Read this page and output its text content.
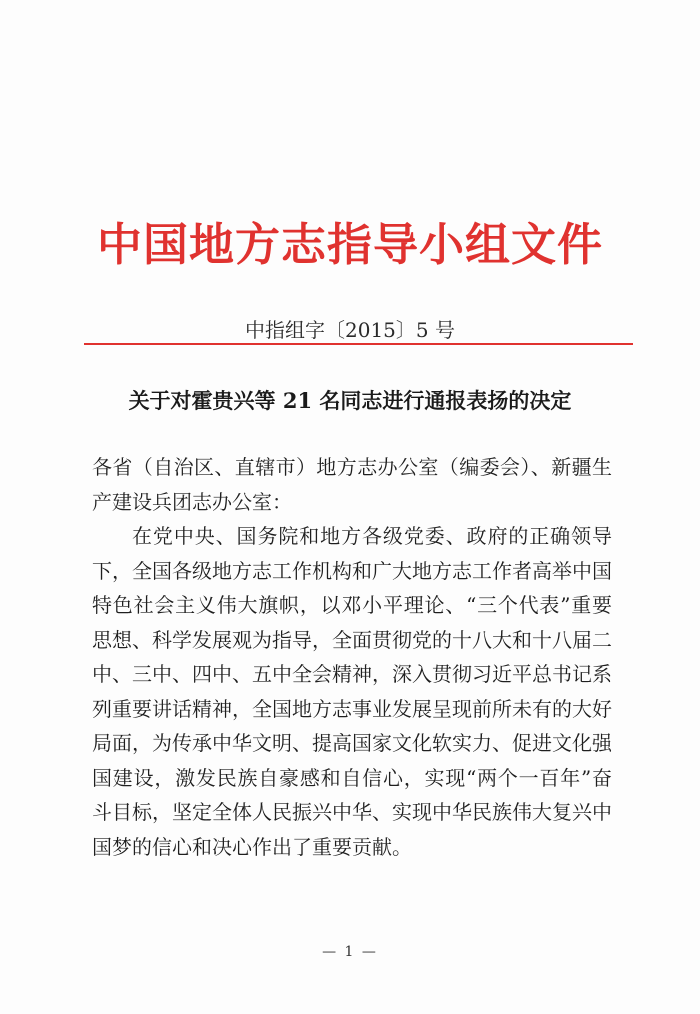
中国地方志指导小组文件
中指组字〔2015〕5 号
关于对霍贵兴等 21 名同志进行通报表扬的决定

各省（自治区、直辖市）地方志办公室（编委会）、新疆生产建设兵团志办公室：

在党中央、国务院和地方各级党委、政府的正确领导下，全国各级地方志工作机构和广大地方志工作者高举中国特色社会主义伟大旗帜，以邓小平理论、“三个代表”重要思想、科学发展观为指导，全面贯彻党的十八大和十八届二中、三中、四中、五中全会精神，深入贯彻习近平总书记系列重要讲话精神，全国地方志事业发展呈现前所未有的大好局面，为传承中华文明、提高国家文化软实力、促进文化强国建设，激发民族自豪感和自信心，实现“两个一百年”奋斗目标，坚定全体人民振兴中华、实现中华民族伟大复兴中国梦的信心和决心作出了重要贡献。

— 1 —
